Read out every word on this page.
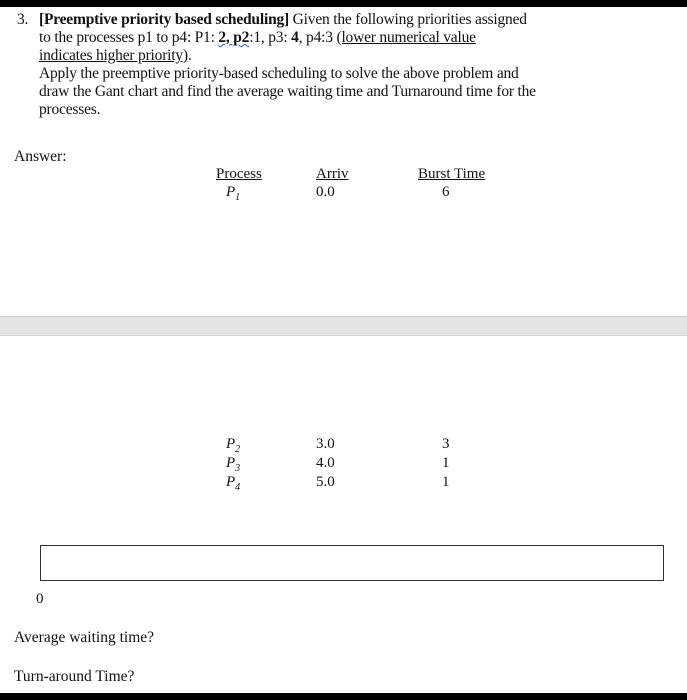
3. [Preemptive priority based scheduling] Given the following priorities assigned
to the processes p1 to p4: P1: 2, p2:1, p3: 4, p4:3 (lower numerical value
indicates higher priority).
Apply the preemptive priority-based scheduling to solve the above problem and
draw the Gant chart and find the average waiting time and Turnaround time for the
processes.
Answer:
Process	Arriv	Burst Time
$P_1$	0.0	6
$P_2$	3.0	3
$P_3$	4.0	1
$P_4$	5.0	1
0
Average waiting time?
Turn-around Time?
